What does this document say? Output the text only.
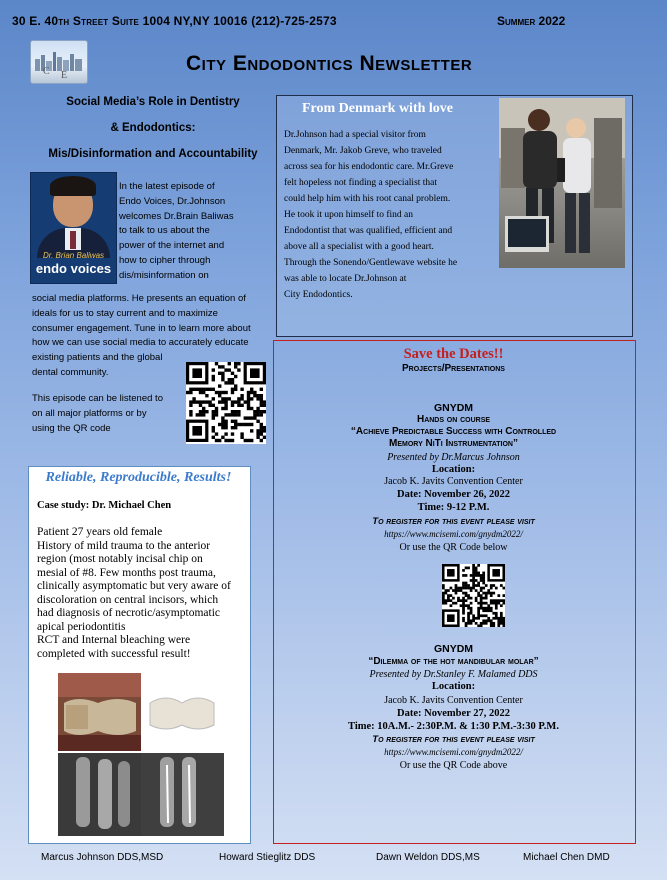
30 E. 40th Street Suite 1004 NY,NY 10016 (212)-725-2573	Summer 2022
C E
City Endodontics Newsletter
Social Media’s Role in Dentistry
& Endodontics:
Mis/Disinformation and Accountability
Dr. Brian Baliwas
endo voices
In the latest episode of
Endo Voices, Dr.Johnson
welcomes Dr.Brain Baliwas
to talk to us about the
power of the internet and
how to cipher through
dis/misinformation on
social media platforms. He presents an equation of
ideals for us to stay current and to maximize
consumer engagement. Tune in to learn more about
how we can use social media to accurately educate
existing patients and the global
dental community.
This episode can be listened to
on all major platforms or by
using the QR code
From Denmark with love
Dr.Johnson had a special visitor from
Denmark, Mr. Jakob Greve, who traveled
across sea for his endodontic care. Mr.Greve
felt hopeless not finding a specialist that
could help him with his root canal problem.
He took it upon himself to find an
Endodontist that was qualified, efficient and
above all a specialist with a good heart.
Through the Sonendo/Gentlewave website he
was able to locate Dr.Johnson at
City Endodontics.
Save the Dates!!
Projects/Presentations
GNYDM
Hands on course
“Achieve Predictable Success with Controlled
Memory NiTi Instrumentation”
Presented by Dr.Marcus Johnson
Location:
Jacob K. Javits Convention Center
Date: November 26, 2022
Time: 9-12 P.M.
To register for this event please visit
https://www.mcisemi.com/gnydm2022/
Or use the QR Code below
GNYDM
“Dilemma of the hot mandibular molar”
Presented by Dr.Stanley F. Malamed DDS
Location:
Jacob K. Javits Convention Center
Date: November 27, 2022
Time: 10A.M.- 2:30P.M. & 1:30 P.M.-3:30 P.M.
To register for this event please visit
https://www.mcisemi.com/gnydm2022/
Or use the QR Code above
Reliable, Reproducible, Results!
Case study: Dr. Michael Chen
Patient 27 years old female
History of mild trauma to the anterior
region (most notably incisal chip on
mesial of #8. Few months post trauma,
clinically asymptomatic but very aware of
discoloration on central incisors, which
had diagnosis of necrotic/asymptomatic
apical periodontitis
RCT and Internal bleaching were
completed with successful result!
Marcus Johnson DDS,MSD	Howard Stieglitz DDS	Dawn Weldon DDS,MS	Michael Chen DMD
